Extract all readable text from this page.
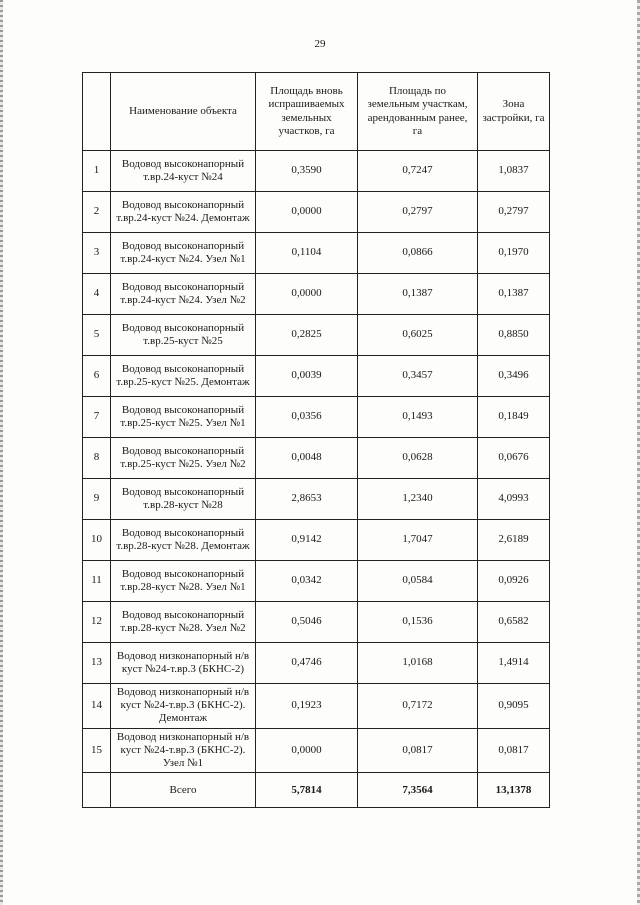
29
	Наименование объекта	Площадь вновь испрашиваемых земельных участков, га	Площадь по земельным участкам, арендованным ранее, га	Зона застройки, га
1	Водовод высоконапорный т.вр.24-куст №24	0,3590	0,7247	1,0837
2	Водовод высоконапорный т.вр.24-куст №24. Демонтаж	0,0000	0,2797	0,2797
3	Водовод высоконапорный т.вр.24-куст №24. Узел №1	0,1104	0,0866	0,1970
4	Водовод высоконапорный т.вр.24-куст №24. Узел №2	0,0000	0,1387	0,1387
5	Водовод высоконапорный т.вр.25-куст №25	0,2825	0,6025	0,8850
6	Водовод высоконапорный т.вр.25-куст №25. Демонтаж	0,0039	0,3457	0,3496
7	Водовод высоконапорный т.вр.25-куст №25. Узел №1	0,0356	0,1493	0,1849
8	Водовод высоконапорный т.вр.25-куст №25. Узел №2	0,0048	0,0628	0,0676
9	Водовод высоконапорный т.вр.28-куст №28	2,8653	1,2340	4,0993
10	Водовод высоконапорный т.вр.28-куст №28. Демонтаж	0,9142	1,7047	2,6189
11	Водовод высоконапорный т.вр.28-куст №28. Узел №1	0,0342	0,0584	0,0926
12	Водовод высоконапорный т.вр.28-куст №28. Узел №2	0,5046	0,1536	0,6582
13	Водовод низконапорный н/в куст №24-т.вр.3 (БКНС-2)	0,4746	1,0168	1,4914
14	Водовод низконапорный н/в куст №24-т.вр.3 (БКНС-2). Демонтаж	0,1923	0,7172	0,9095
15	Водовод низконапорный н/в куст №24-т.вр.3 (БКНС-2). Узел №1	0,0000	0,0817	0,0817
	Всего	5,7814	7,3564	13,1378
